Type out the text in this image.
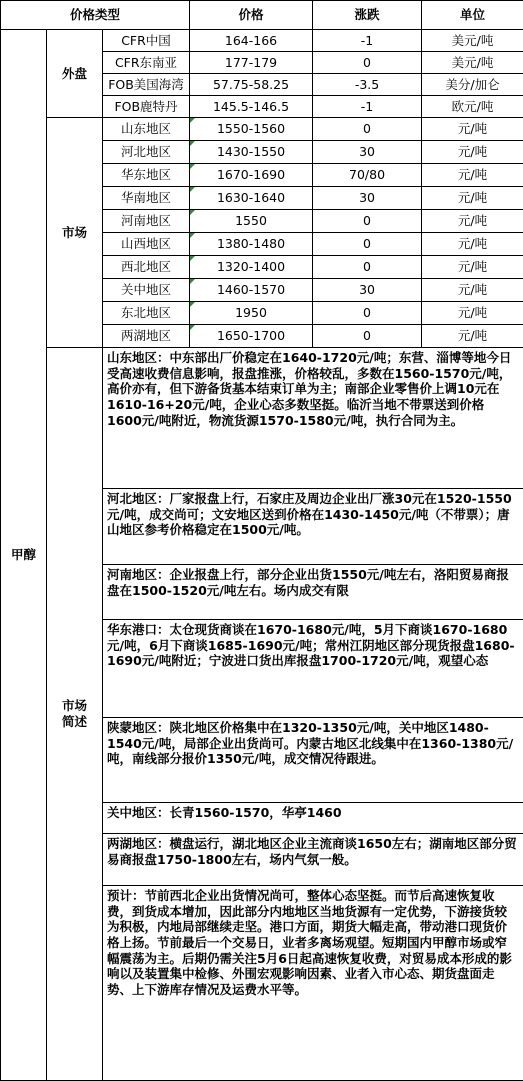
价格类型			价格	涨跌	单位
甲醇	外盘	CFR中国	164-166	-1	美元/吨
		CFR东南亚	177-179	0	美元/吨
		FOB美国海湾	57.75-58.25	-3.5	美分/加仑
		FOB鹿特丹	145.5-146.5	-1	欧元/吨
	市场	山东地区	1550-1560	0	元/吨
		河北地区	1430-1550	30	元/吨
		华东地区	1670-1690	70/80	元/吨
		华南地区	1630-1640	30	元/吨
		河南地区	1550	0	元/吨
		山西地区	1380-1480	0	元/吨
		西北地区	1320-1400	0	元/吨
		关中地区	1460-1570	30	元/吨
		东北地区	1950	0	元/吨
		两湖地区	1650-1700	0	元/吨

	市场
简述	山东地区：中东部出厂价稳定在1640-1720元/吨；东营、淄博等地今日受高速收费信息影响，报盘推涨，价格较乱，多数在1560-1570元/吨，高价亦有，但下游备货基本结束订单为主；南部企业零售价上调10元在1610-16+20元/吨，企业心态多数坚挺。临沂当地不带票送到价格1600元/吨附近，物流货源1570-1580元/吨，执行合同为主。			

		河北地区：厂家报盘上行，石家庄及周边企业出厂涨30元在1520-1550元/吨，成交尚可；文安地区送到价格在1430-1450元/吨（不带票）；唐山地区参考价格稳定在1500元/吨。			

		河南地区：企业报盘上行，部分企业出货1550元/吨左右，洛阳贸易商报盘在1500-1520元/吨左右。场内成交有限			

		华东港口：太仓现货商谈在1670-1680元/吨，5月下商谈1670-1680元/吨，6月下商谈1685-1690元/吨；常州江阴地区部分现货报盘1680-1690元/吨附近；宁波进口货出库报盘1700-1720元/吨，观望心态			

		陕蒙地区：陕北地区价格集中在1320-1350元/吨，关中地区1480-1540元/吨，局部企业出货尚可。内蒙古地区北线集中在1360-1380元/吨，南线部分报价1350元/吨，成交情况待跟进。			

		关中地区：长青1560-1570，华亭1460			

		两湖地区：横盘运行，湖北地区企业主流商谈1650左右；湖南地区部分贸易商报盘1750-1800左右，场内气氛一般。			

		预计：节前西北企业出货情况尚可，整体心态坚挺。而节后高速恢复收费，到货成本增加，因此部分内地地区当地货源有一定优势，下游接货较为积极，内地局部继续走坚。港口方面，期货大幅走高，带动港口现货价格上扬。节前最后一个交易日，业者多离场观望。短期国内甲醇市场或窄幅震荡为主。后期仍需关注5月6日起高速恢复收费，对贸易成本形成的影响以及装置集中检修、外围宏观影响因素、业者入市心态、期货盘面走势、上下游库存情况及运费水平等。			
